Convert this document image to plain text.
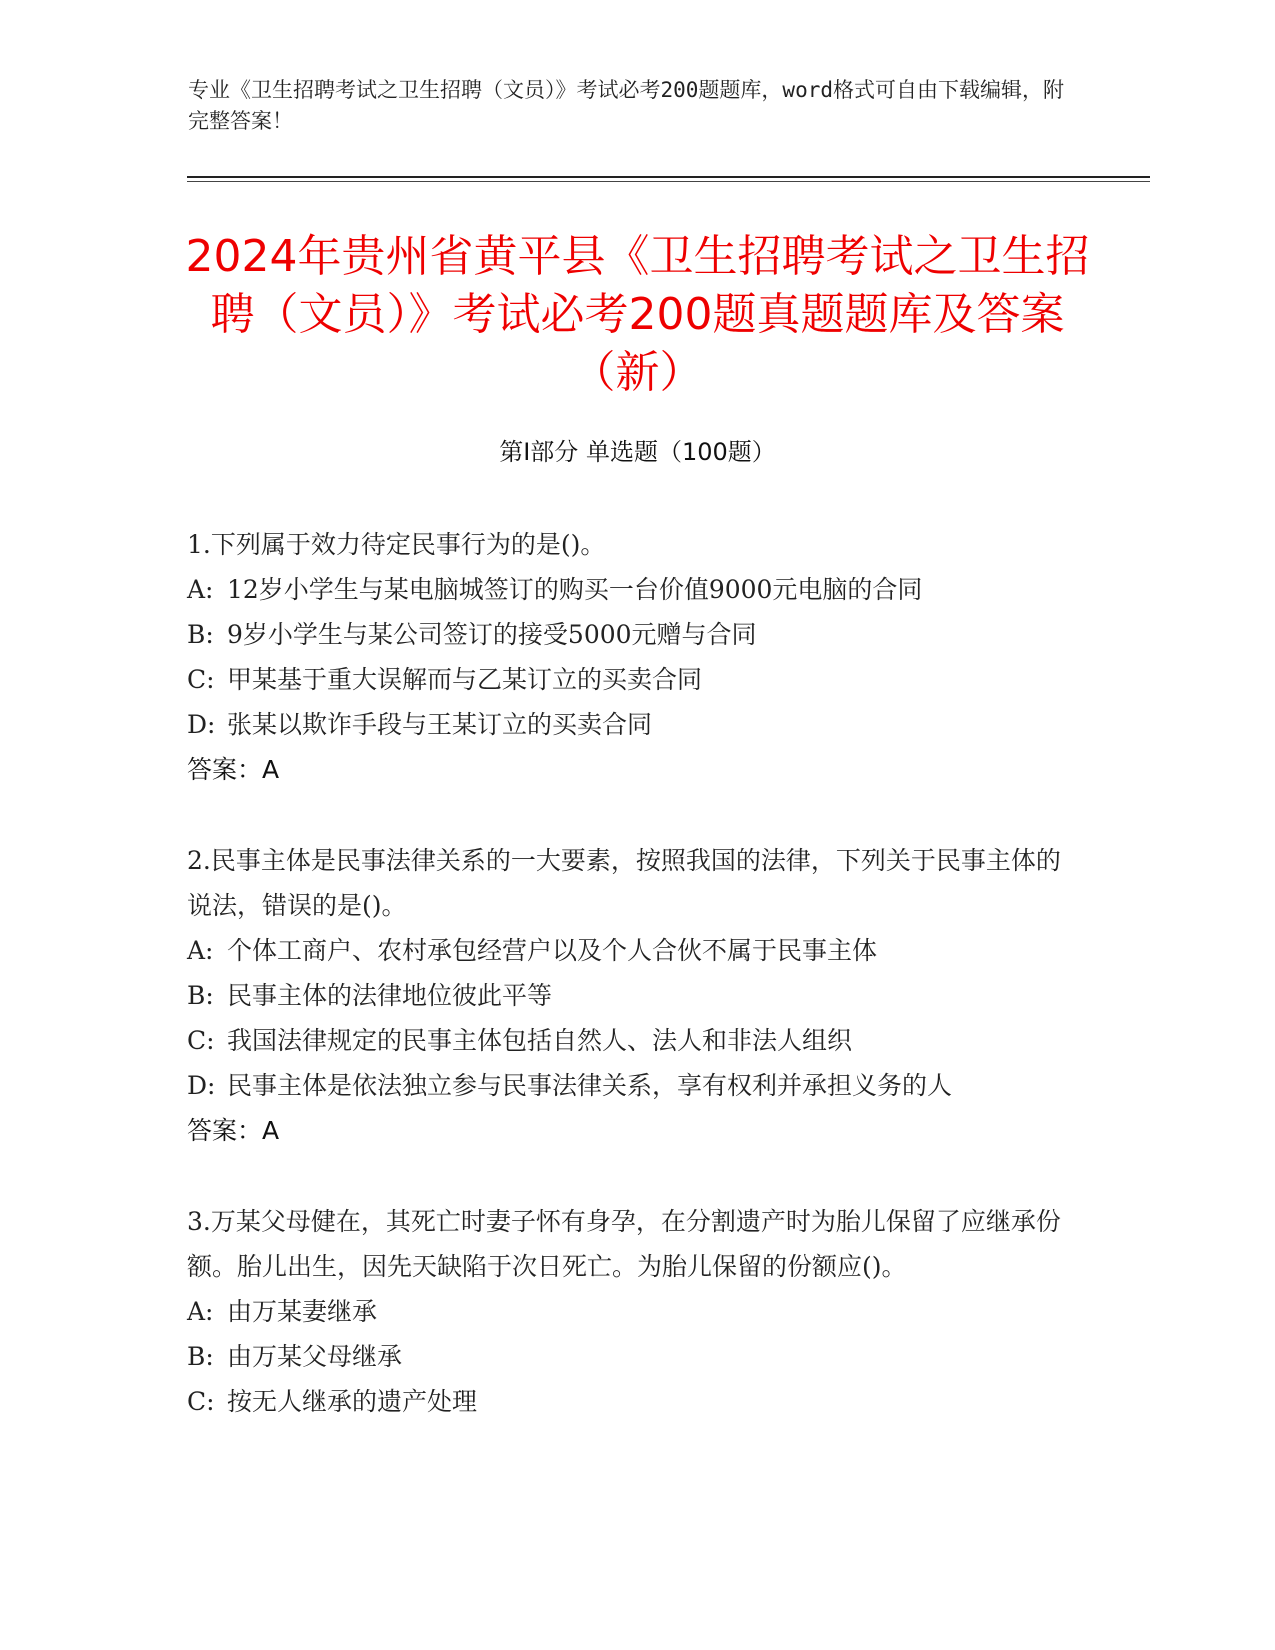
专业《卫生招聘考试之卫生招聘（文员）》考试必考200题题库，word格式可自由下载编辑，附完整答案！
2024年贵州省黄平县《卫生招聘考试之卫生招聘（文员）》考试必考200题真题题库及答案（新）
第I部分 单选题（100题）
1.下列属于效力待定民事行为的是()。
A: 12岁小学生与某电脑城签订的购买一台价值9000元电脑的合同
B: 9岁小学生与某公司签订的接受5000元赠与合同
C: 甲某基于重大误解而与乙某订立的买卖合同
D: 张某以欺诈手段与王某订立的买卖合同
答案：A
2.民事主体是民事法律关系的一大要素，按照我国的法律，下列关于民事主体的说法，错误的是()。
A: 个体工商户、农村承包经营户以及个人合伙不属于民事主体
B: 民事主体的法律地位彼此平等
C: 我国法律规定的民事主体包括自然人、法人和非法人组织
D: 民事主体是依法独立参与民事法律关系，享有权利并承担义务的人
答案：A
3.万某父母健在，其死亡时妻子怀有身孕，在分割遗产时为胎儿保留了应继承份额。胎儿出生，因先天缺陷于次日死亡。为胎儿保留的份额应()。
A: 由万某妻继承
B: 由万某父母继承
C: 按无人继承的遗产处理
